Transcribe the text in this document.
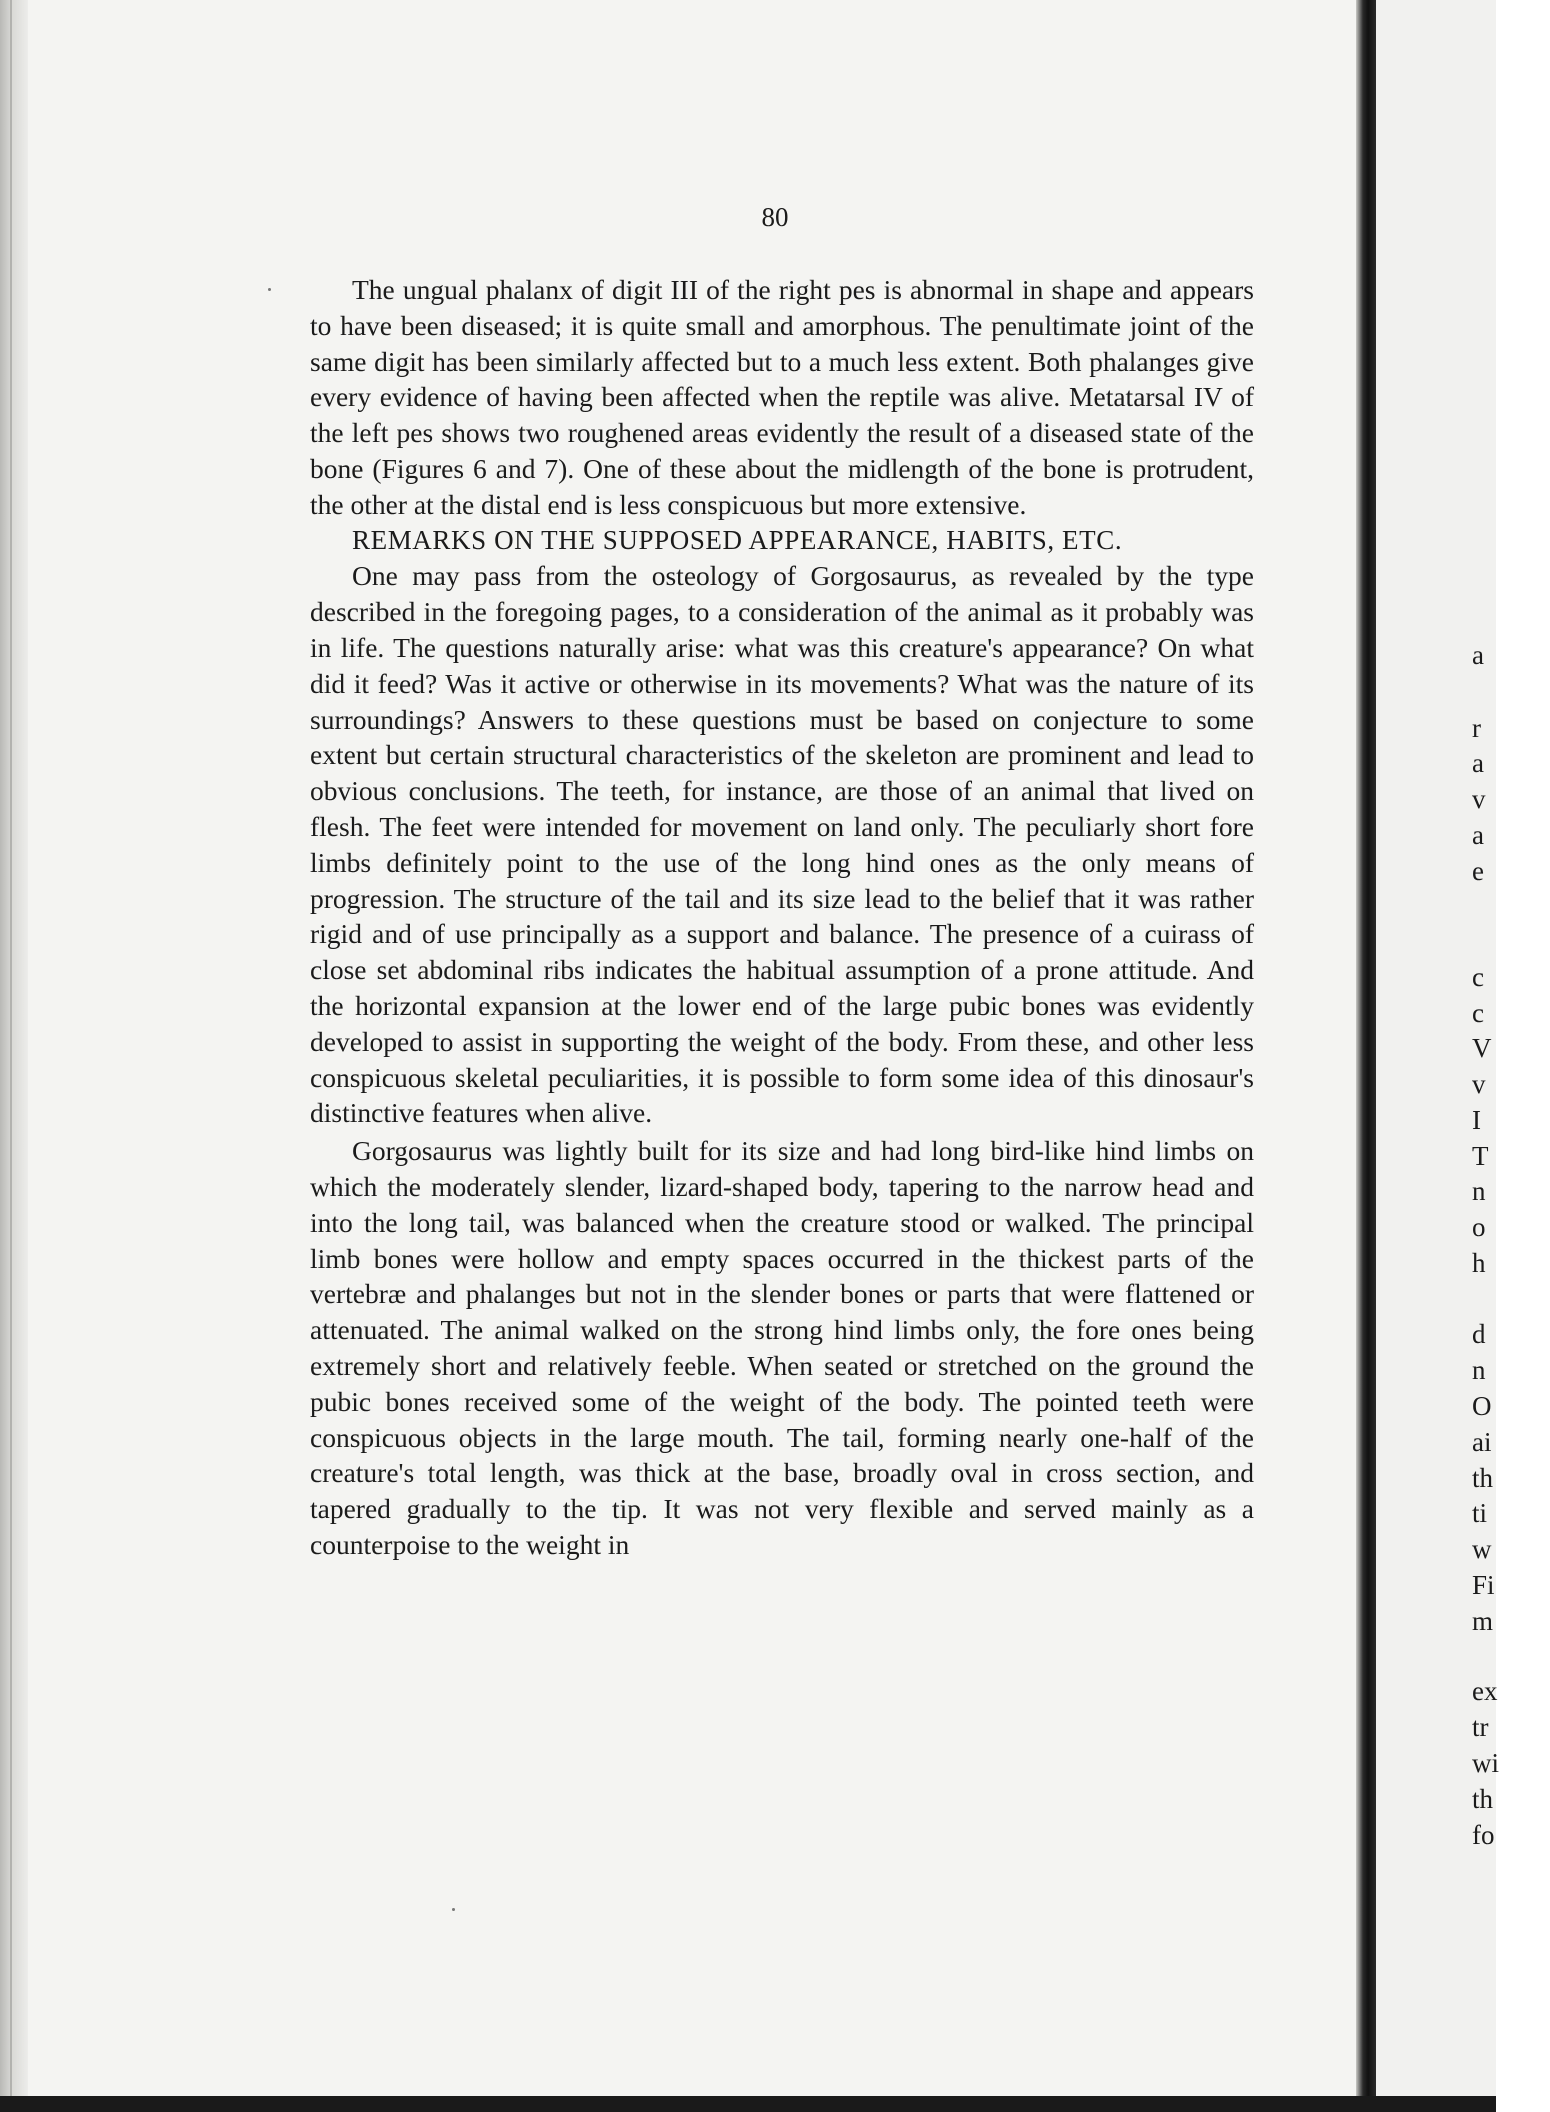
80

The ungual phalanx of digit III of the right pes is abnormal in shape and appears to have been diseased; it is quite small and amorphous. The penultimate joint of the same digit has been similarly affected but to a much less extent. Both phalanges give every evidence of having been affected when the reptile was alive. Metatarsal IV of the left pes shows two roughened areas evidently the result of a diseased state of the bone (Figures 6 and 7). One of these about the midlength of the bone is protrudent, the other at the distal end is less conspicuous but more extensive.

REMARKS ON THE SUPPOSED APPEARANCE, HABITS, ETC.

One may pass from the osteology of Gorgosaurus, as revealed by the type described in the foregoing pages, to a consideration of the animal as it probably was in life. The questions naturally arise: what was this creature's appearance? On what did it feed? Was it active or otherwise in its movements? What was the nature of its surroundings? Answers to these questions must be based on conjecture to some extent but certain structural characteristics of the skeleton are prominent and lead to obvious conclusions. The teeth, for instance, are those of an animal that lived on flesh. The feet were intended for movement on land only. The peculiarly short fore limbs definitely point to the use of the long hind ones as the only means of progression. The structure of the tail and its size lead to the belief that it was rather rigid and of use principally as a support and balance. The presence of a cuirass of close set abdominal ribs indicates the habitual assumption of a prone attitude. And the horizontal expansion at the lower end of the large pubic bones was evidently developed to assist in supporting the weight of the body. From these, and other less conspicuous skeletal peculiarities, it is possible to form some idea of this dinosaur's distinctive features when alive.

Gorgosaurus was lightly built for its size and had long bird-like hind limbs on which the moderately slender, lizard-shaped body, tapering to the narrow head and into the long tail, was balanced when the creature stood or walked. The principal limb bones were hollow and empty spaces occurred in the thickest parts of the vertebræ and phalanges but not in the slender bones or parts that were flattened or attenuated. The animal walked on the strong hind limbs only, the fore ones being extremely short and relatively feeble. When seated or stretched on the ground the pubic bones received some of the weight of the body. The pointed teeth were conspicuous objects in the large mouth. The tail, forming nearly one-half of the creature's total length, was thick at the base, broadly oval in cross section, and tapered gradually to the tip. It was not very flexible and served mainly as a counterpoise to the weight in

a
r
a
v
a
e
c
c
V
v
I
T
n
o
h
d
n
O
ai
th
ti
w
Fi
m
ex
tr
wi
th
fo
